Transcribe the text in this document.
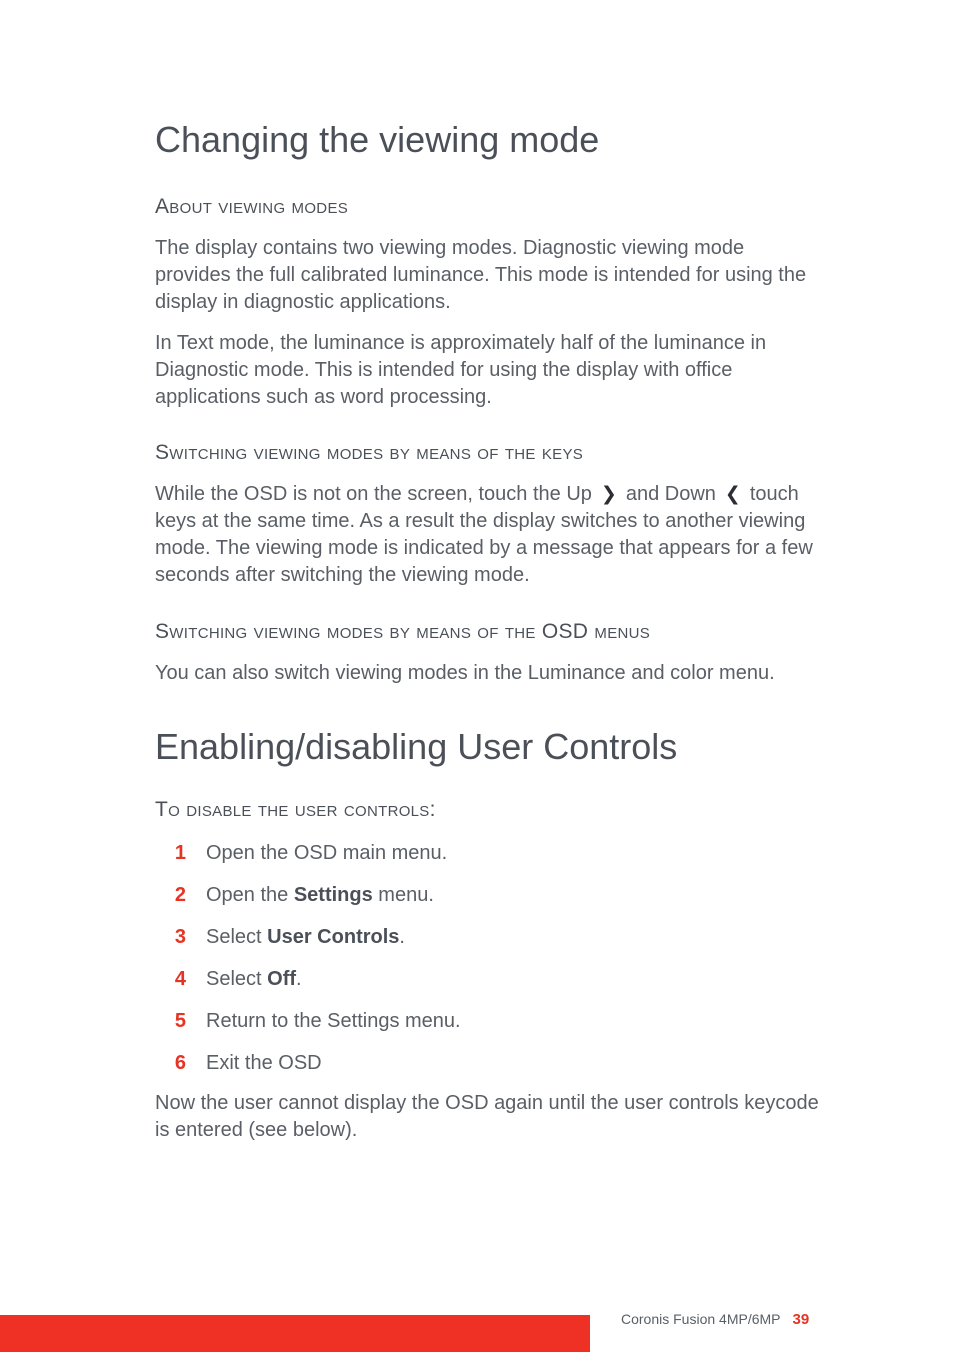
Changing the viewing mode
About viewing modes

The display contains two viewing modes. Diagnostic viewing mode provides the full calibrated luminance. This mode is intended for using the display in diagnostic applications.

In Text mode, the luminance is approximately half of the luminance in Diagnostic mode. This is intended for using the display with office applications such as word processing.

Switching viewing modes by means of the keys

While the OSD is not on the screen, touch the Up ❯ and Down ❮ touch keys at the same time. As a result the display switches to another viewing mode. The viewing mode is indicated by a message that appears for a few seconds after switching the viewing mode.

Switching viewing modes by means of the OSD menus

You can also switch viewing modes in the Luminance and color menu.

Enabling/disabling User Controls
To disable the user controls:
1	Open the OSD main menu.
2	Open the Settings menu.
3	Select User Controls.
4	Select Off.
5	Return to the Settings menu.
6	Exit the OSD

Now the user cannot display the OSD again until the user controls keycode is entered (see below).

Coronis Fusion 4MP/6MP 39
